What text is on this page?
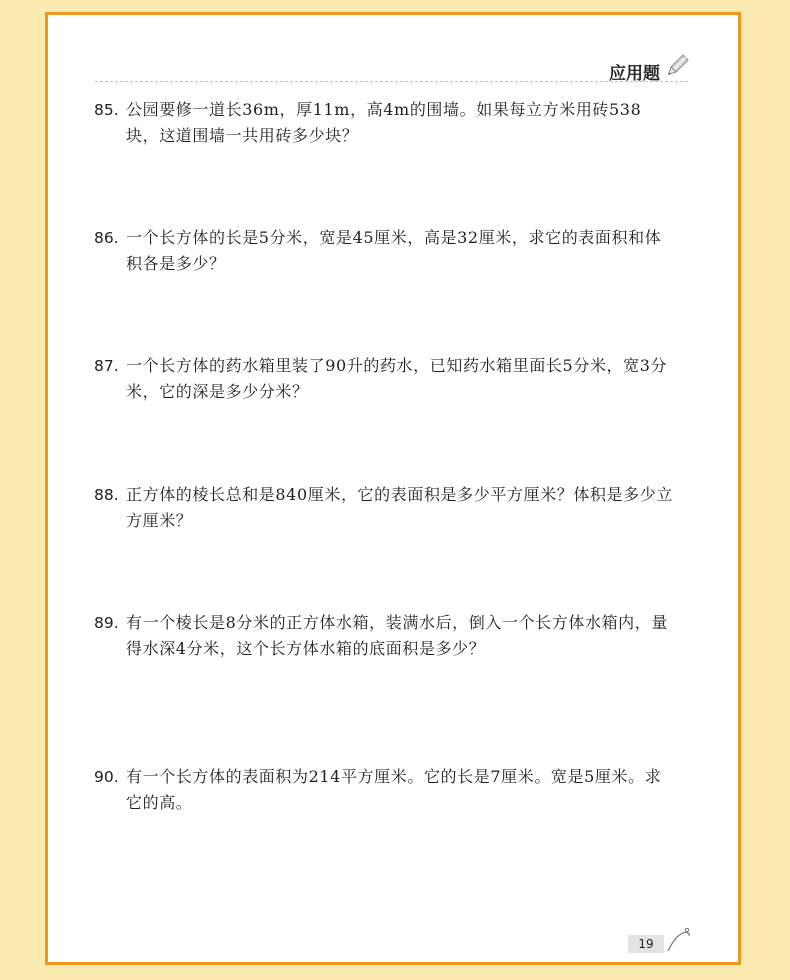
应用题
85. 公园要修一道长36m，厚11m，高4m的围墙。如果每立方米用砖538块，这道围墙一共用砖多少块？
86. 一个长方体的长是5分米，宽是45厘米，高是32厘米，求它的表面积和体积各是多少？
87. 一个长方体的药水箱里装了90升的药水，已知药水箱里面长5分米，宽3分米，它的深是多少分米？
88. 正方体的棱长总和是840厘米，它的表面积是多少平方厘米？体积是多少立方厘米？
89. 有一个棱长是8分米的正方体水箱，装满水后，倒入一个长方体水箱内，量得水深4分米，这个长方体水箱的底面积是多少？
90. 有一个长方体的表面积为214平方厘米。它的长是7厘米。宽是5厘米。求它的高。
19
